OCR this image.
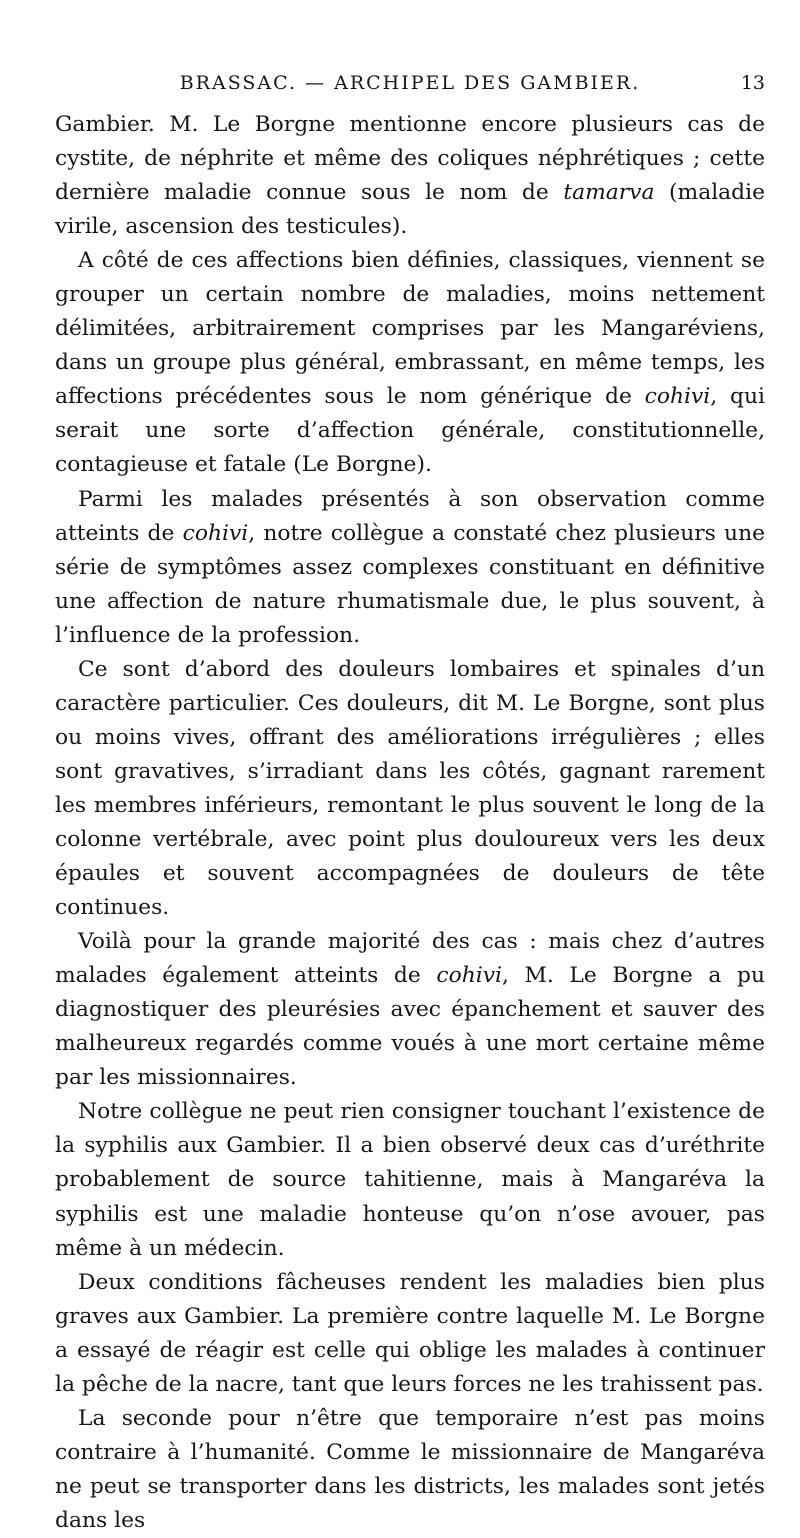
BRASSAC. — ARCHIPEL DES GAMBIER.	13

Gambier. M. Le Borgne mentionne encore plusieurs cas de cystite, de néphrite et même des coliques néphrétiques ; cette dernière maladie connue sous le nom de tamarva (maladie virile, ascension des testicules).

A côté de ces affections bien définies, classiques, viennent se grouper un certain nombre de maladies, moins nettement délimitées, arbitrairement comprises par les Mangaréviens, dans un groupe plus général, embrassant, en même temps, les affections précédentes sous le nom générique de cohivi, qui serait une sorte d’affection générale, constitutionnelle, contagieuse et fatale (Le Borgne).

Parmi les malades présentés à son observation comme atteints de cohivi, notre collègue a constaté chez plusieurs une série de symptômes assez complexes constituant en définitive une affection de nature rhumatismale due, le plus souvent, à l’influence de la profession.

Ce sont d’abord des douleurs lombaires et spinales d’un caractère particulier. Ces douleurs, dit M. Le Borgne, sont plus ou moins vives, offrant des améliorations irrégulières ; elles sont gravatives, s’irradiant dans les côtés, gagnant rarement les membres inférieurs, remontant le plus souvent le long de la colonne vertébrale, avec point plus douloureux vers les deux épaules et souvent accompagnées de douleurs de tête continues.

Voilà pour la grande majorité des cas : mais chez d’autres malades également atteints de cohivi, M. Le Borgne a pu diagnostiquer des pleurésies avec épanchement et sauver des malheureux regardés comme voués à une mort certaine même par les missionnaires.

Notre collègue ne peut rien consigner touchant l’existence de la syphilis aux Gambier. Il a bien observé deux cas d’uréthrite probablement de source tahitienne, mais à Mangaréva la syphilis est une maladie honteuse qu’on n’ose avouer, pas même à un médecin.

Deux conditions fâcheuses rendent les maladies bien plus graves aux Gambier. La première contre laquelle M. Le Borgne a essayé de réagir est celle qui oblige les malades à continuer la pêche de la nacre, tant que leurs forces ne les trahissent pas.

La seconde pour n’être que temporaire n’est pas moins contraire à l’humanité. Comme le missionnaire de Mangaréva ne peut se transporter dans les districts, les malades sont jetés dans les
